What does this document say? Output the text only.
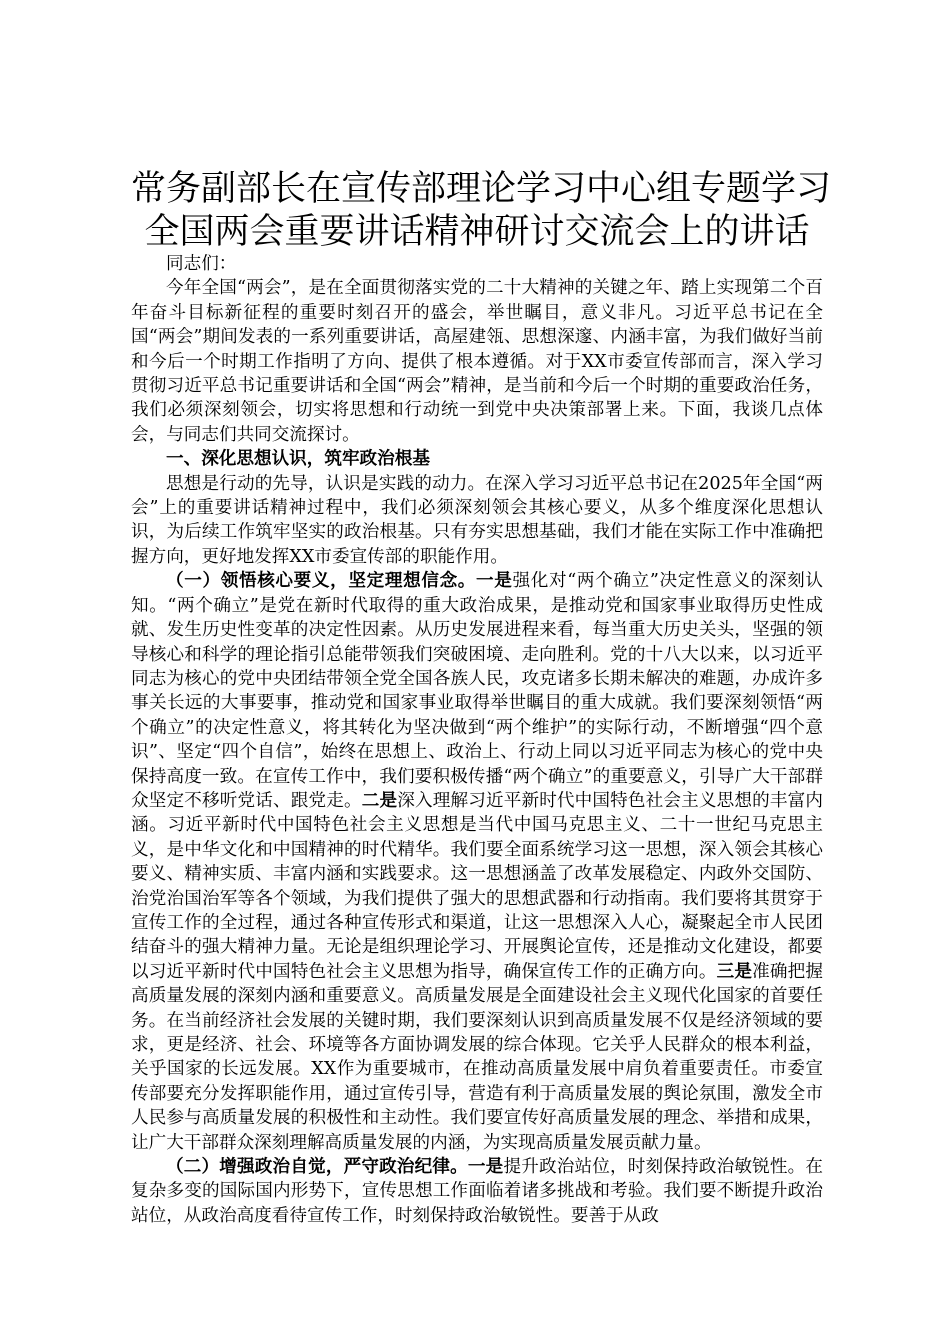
常务副部长在宣传部理论学习中心组专题学习
全国两会重要讲话精神研讨交流会上的讲话

同志们：

今年全国“两会”，是在全面贯彻落实党的二十大精神的关键之年、踏上实现第二个百年奋斗目标新征程的重要时刻召开的盛会，举世瞩目，意义非凡。习近平总书记在全国“两会”期间发表的一系列重要讲话，高屋建瓴、思想深邃、内涵丰富，为我们做好当前和今后一个时期工作指明了方向、提供了根本遵循。对于XX市委宣传部而言，深入学习贯彻习近平总书记重要讲话和全国“两会”精神，是当前和今后一个时期的重要政治任务，我们必须深刻领会，切实将思想和行动统一到党中央决策部署上来。下面，我谈几点体会，与同志们共同交流探讨。

一、深化思想认识，筑牢政治根基

思想是行动的先导，认识是实践的动力。在深入学习习近平总书记在2025年全国“两会”上的重要讲话精神过程中，我们必须深刻领会其核心要义，从多个维度深化思想认识，为后续工作筑牢坚实的政治根基。只有夯实思想基础，我们才能在实际工作中准确把握方向，更好地发挥XX市委宣传部的职能作用。

（一）领悟核心要义，坚定理想信念。一是强化对“两个确立”决定性意义的深刻认知。“两个确立”是党在新时代取得的重大政治成果，是推动党和国家事业取得历史性成就、发生历史性变革的决定性因素。从历史发展进程来看，每当重大历史关头，坚强的领导核心和科学的理论指引总能带领我们突破困境、走向胜利。党的十八大以来，以习近平同志为核心的党中央团结带领全党全国各族人民，攻克诸多长期未解决的难题，办成许多事关长远的大事要事，推动党和国家事业取得举世瞩目的重大成就。我们要深刻领悟“两个确立”的决定性意义，将其转化为坚决做到“两个维护”的实际行动，不断增强“四个意识”、坚定“四个自信”，始终在思想上、政治上、行动上同以习近平同志为核心的党中央保持高度一致。在宣传工作中，我们要积极传播“两个确立”的重要意义，引导广大干部群众坚定不移听党话、跟党走。二是深入理解习近平新时代中国特色社会主义思想的丰富内涵。习近平新时代中国特色社会主义思想是当代中国马克思主义、二十一世纪马克思主义，是中华文化和中国精神的时代精华。我们要全面系统学习这一思想，深入领会其核心要义、精神实质、丰富内涵和实践要求。这一思想涵盖了改革发展稳定、内政外交国防、治党治国治军等各个领域，为我们提供了强大的思想武器和行动指南。我们要将其贯穿于宣传工作的全过程，通过各种宣传形式和渠道，让这一思想深入人心，凝聚起全市人民团结奋斗的强大精神力量。无论是组织理论学习、开展舆论宣传，还是推动文化建设，都要以习近平新时代中国特色社会主义思想为指导，确保宣传工作的正确方向。三是准确把握高质量发展的深刻内涵和重要意义。高质量发展是全面建设社会主义现代化国家的首要任务。在当前经济社会发展的关键时期，我们要深刻认识到高质量发展不仅是经济领域的要求，更是经济、社会、环境等各方面协调发展的综合体现。它关乎人民群众的根本利益，关乎国家的长远发展。XX作为重要城市，在推动高质量发展中肩负着重要责任。市委宣传部要充分发挥职能作用，通过宣传引导，营造有利于高质量发展的舆论氛围，激发全市人民参与高质量发展的积极性和主动性。我们要宣传好高质量发展的理念、举措和成果，让广大干部群众深刻理解高质量发展的内涵，为实现高质量发展贡献力量。

（二）增强政治自觉，严守政治纪律。一是提升政治站位，时刻保持政治敏锐性。在复杂多变的国际国内形势下，宣传思想工作面临着诸多挑战和考验。我们要不断提升政治站位，从政治高度看待宣传工作，时刻保持政治敏锐性。要善于从政
